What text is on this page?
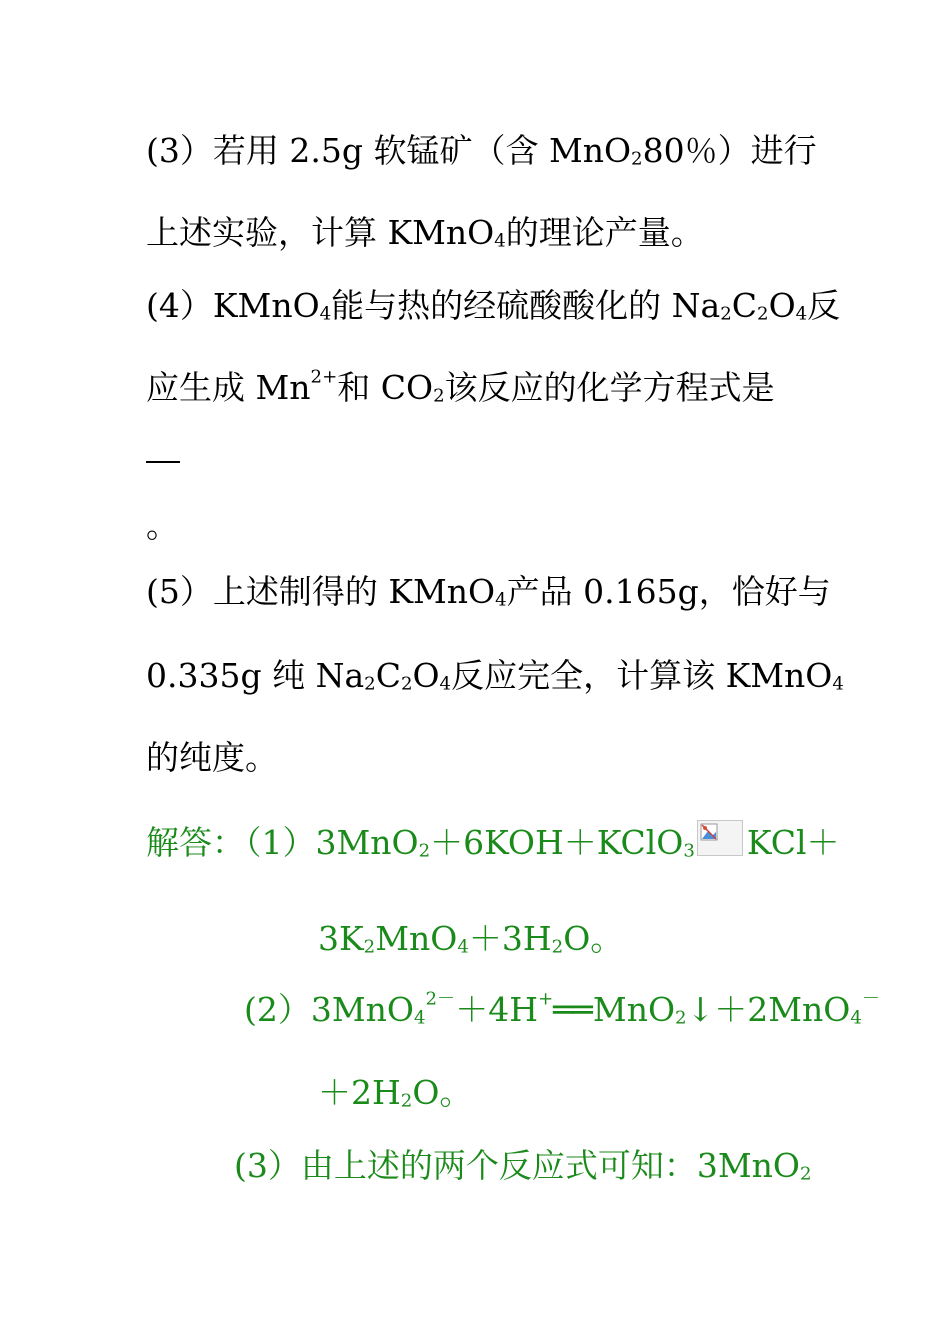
(3）若用 2.5g 软锰矿（含 MnO$_2$80％）进行
上述实验，计算 KMnO$_4$的理论产量。
(4）KMnO$_4$能与热的经硫酸酸化的 $Na_2C_2O_4$反
应生成 $Mn^{2+}$和 $CO_2$该反应的化学方程式是
。
(5）上述制得的 KMnO$_4$产品 0.165g，恰好与
0.335g 纯 $Na_2C_2O_4$反应完全，计算该 KMnO$_4$
的纯度。
解答：（1）3MnO$_2$＋6KOH＋KClO$_3$ KCl＋
$3K_2MnO_4+3H_2O$。
(2）3MnO$_4^{2-}$＋4H+══MnO$_2$↓＋2MnO$_4$－
$+2H_2O$。
(3）由上述的两个反应式可知：3MnO$_2$
